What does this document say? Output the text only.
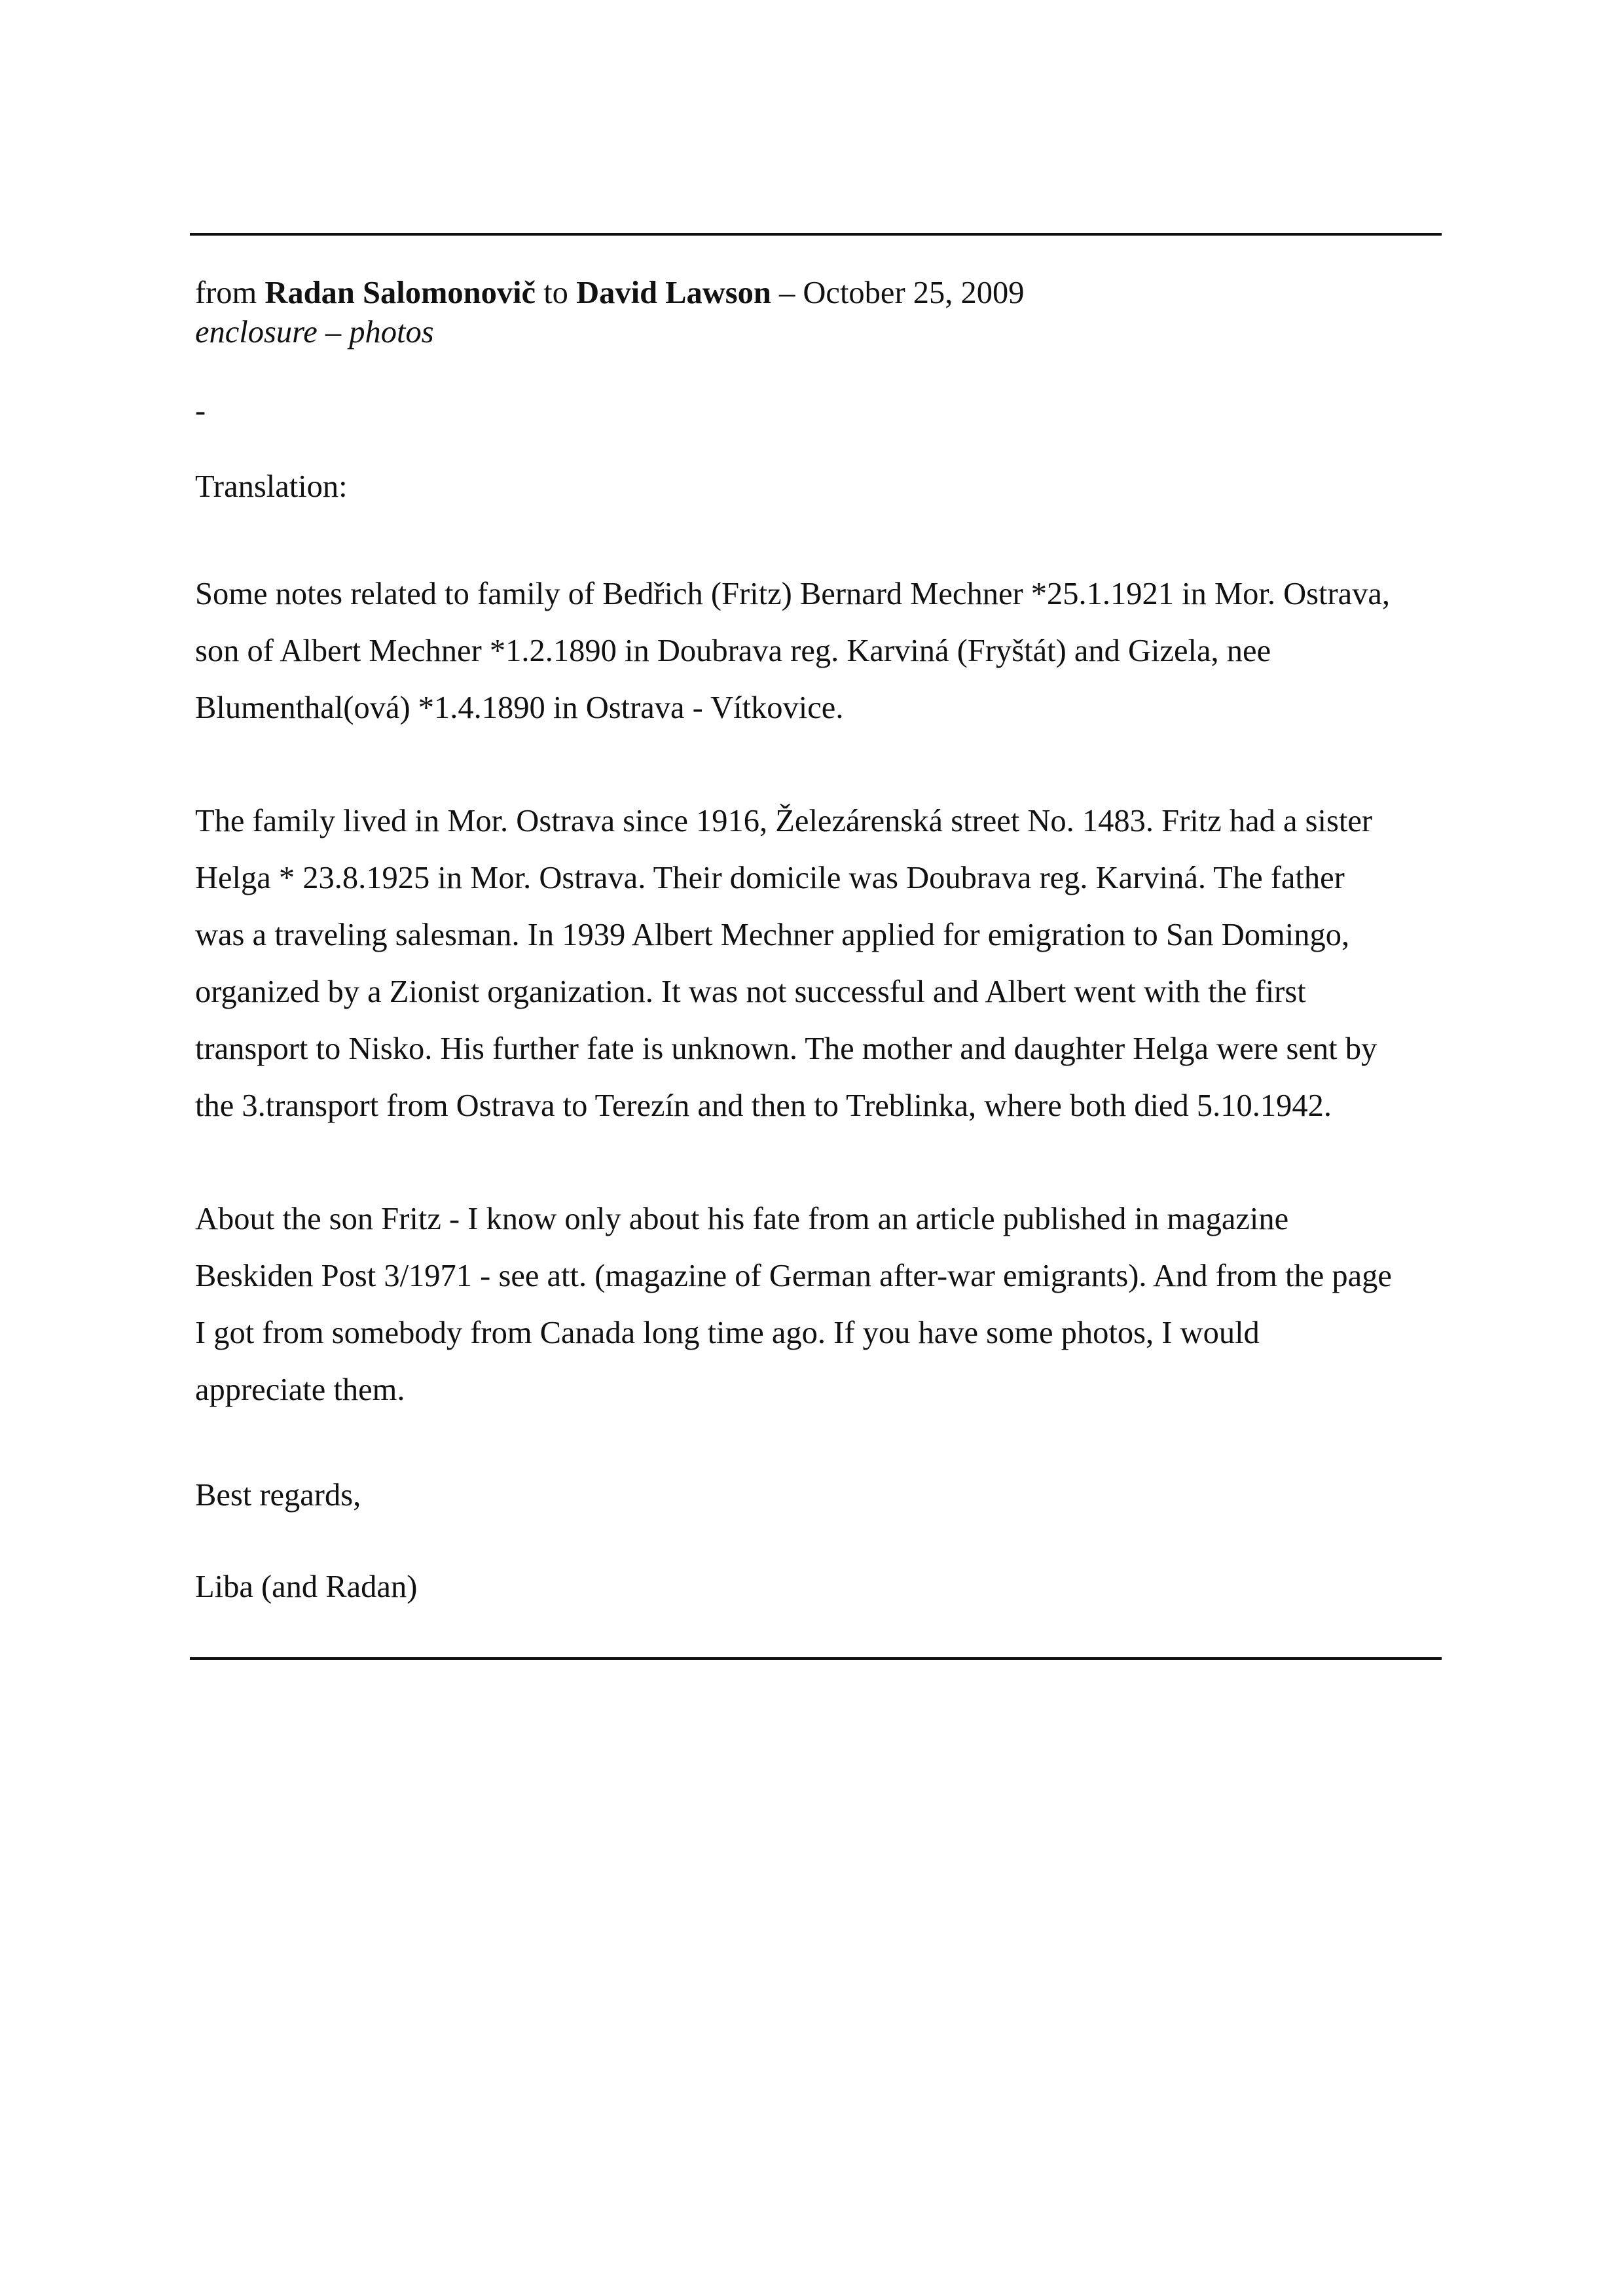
from Radan Salomonovič to David Lawson – October 25, 2009

enclosure – photos

-

Translation:

Some notes related to family of Bedřich (Fritz) Bernard Mechner *25.1.1921 in Mor. Ostrava,
son of Albert Mechner *1.2.1890 in Doubrava reg. Karviná (Fryštát) and Gizela, nee
Blumenthal(ová) *1.4.1890 in Ostrava - Vítkovice.
The family lived in Mor. Ostrava since 1916, Železárenská street No. 1483. Fritz had a sister
Helga * 23.8.1925 in Mor. Ostrava. Their domicile was Doubrava reg. Karviná. The father
was a traveling salesman. In 1939 Albert Mechner applied for emigration to San Domingo,
organized by a Zionist organization. It was not successful and Albert went with the first
transport to Nisko. His further fate is unknown. The mother and daughter Helga were sent by
the 3.transport from Ostrava to Terezín and then to Treblinka, where both died 5.10.1942.
About the son Fritz - I know only about his fate from an article published in magazine
Beskiden Post 3/1971 - see att. (magazine of German after-war emigrants). And from the page
I got from somebody from Canada long time ago. If you have some photos, I would
appreciate them.

Best regards,

Liba (and Radan)
